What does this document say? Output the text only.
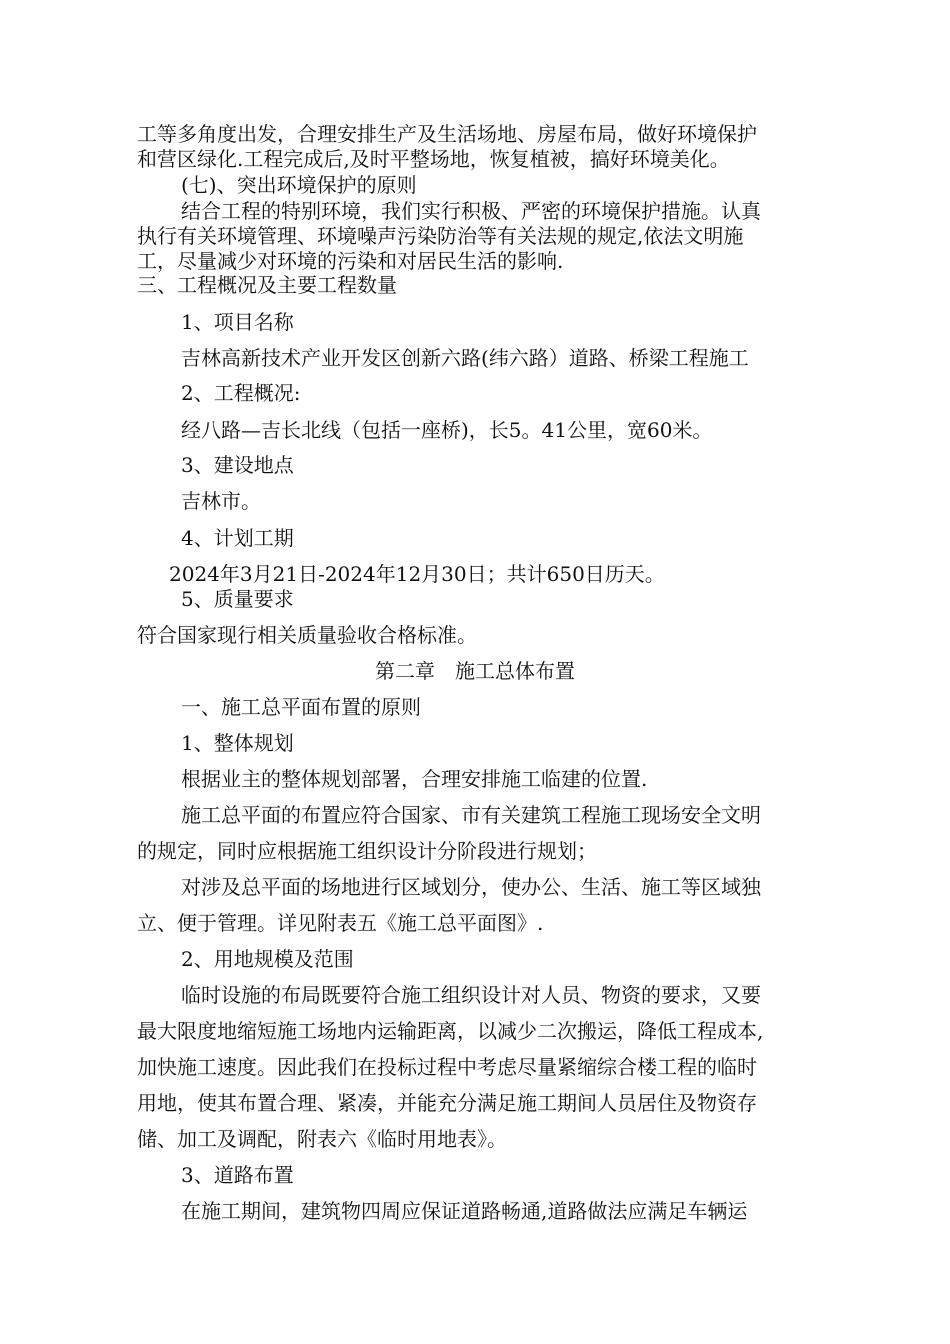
工等多角度出发，合理安排生产及生活场地、房屋布局，做好环境保护
和营区绿化.工程完成后,及时平整场地，恢复植被，搞好环境美化。
(七)、突出环境保护的原则
结合工程的特别环境，我们实行积极、严密的环境保护措施。认真
执行有关环境管理、环境噪声污染防治等有关法规的规定,依法文明施
工，尽量减少对环境的污染和对居民生活的影响.
三、工程概况及主要工程数量
1、项目名称
吉林高新技术产业开发区创新六路(纬六路）道路、桥梁工程施工
2、工程概况:
经八路—吉长北线（包括一座桥)，长5。41公里，宽60米。
3、建设地点
吉林市。
4、计划工期
2024年3月21日-2024年12月30日；共计650日历天。
5、质量要求
符合国家现行相关质量验收合格标准。
第二章　施工总体布置
一、施工总平面布置的原则
1、整体规划
根据业主的整体规划部署，合理安排施工临建的位置.
施工总平面的布置应符合国家、市有关建筑工程施工现场安全文明
的规定，同时应根据施工组织设计分阶段进行规划；
对涉及总平面的场地进行区域划分，使办公、生活、施工等区域独
立、便于管理。详见附表五《施工总平面图》.
2、用地规模及范围
临时设施的布局既要符合施工组织设计对人员、物资的要求，又要
最大限度地缩短施工场地内运输距离，以减少二次搬运，降低工程成本,
加快施工速度。因此我们在投标过程中考虑尽量紧缩综合楼工程的临时
用地，使其布置合理、紧凑，并能充分满足施工期间人员居住及物资存
储、加工及调配，附表六《临时用地表》。
3、道路布置
在施工期间，建筑物四周应保证道路畅通,道路做法应满足车辆运
